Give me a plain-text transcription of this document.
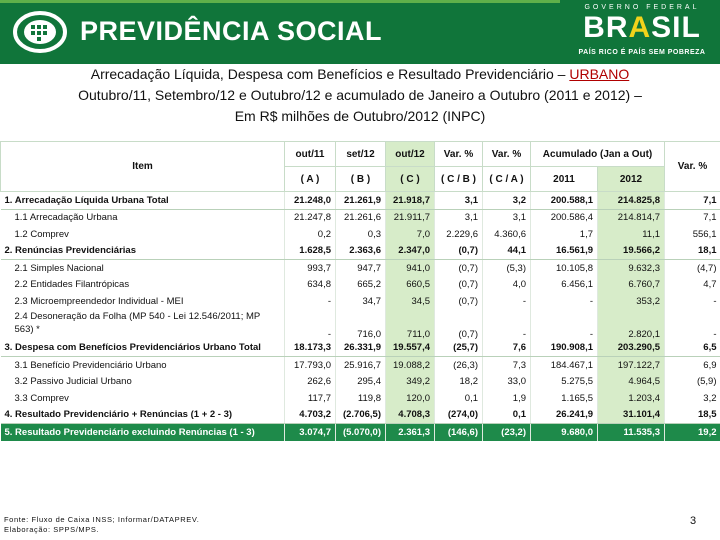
PREVIDÊNCIA SOCIAL
GOVERNO FEDERAL
BRASIL
PAÍS RICO É PAÍS SEM POBREZA
Arrecadação Líquida, Despesa com Benefícios e Resultado Previdenciário – URBANO
Outubro/11, Setembro/12 e Outubro/12 e acumulado de Janeiro a Outubro (2011 e 2012) –
Em R$ milhões de Outubro/2012 (INPC)
Item	out/11	set/12	out/12	Var. %	Var. %	Acumulado (Jan a Out)		Var. %
	( A )	( B )	( C )	( C / B )	( C / A )	2011	2012	
1. Arrecadação Líquida Urbana Total	21.248,0	21.261,9	21.918,7	3,1	3,2	200.588,1	214.825,8	7,1
1.1 Arrecadação Urbana	21.247,8	21.261,6	21.911,7	3,1	3,1	200.586,4	214.814,7	7,1
1.2 Comprev	0,2	0,3	7,0	2.229,6	4.360,6	1,7	11,1	556,1
2. Renúncias Previdenciárias	1.628,5	2.363,6	2.347,0	(0,7)	44,1	16.561,9	19.566,2	18,1
2.1 Simples Nacional	993,7	947,7	941,0	(0,7)	(5,3)	10.105,8	9.632,3	(4,7)
2.2 Entidades Filantrópicas	634,8	665,2	660,5	(0,7)	4,0	6.456,1	6.760,7	4,7
2.3 Microempreendedor Individual - MEI	-	34,7	34,5	(0,7)	-	-	353,2	-
2.4 Desoneração da Folha (MP 540 - Lei 12.546/2011; MP 563) *	-	716,0	711,0	(0,7)	-	-	2.820,1	-
3. Despesa com Benefícios Previdenciários Urbano Total	18.173,3	26.331,9	19.557,4	(25,7)	7,6	190.908,1	203.290,5	6,5
3.1 Benefício Previdenciário Urbano	17.793,0	25.916,7	19.088,2	(26,3)	7,3	184.467,1	197.122,7	6,9
3.2 Passivo Judicial Urbano	262,6	295,4	349,2	18,2	33,0	5.275,5	4.964,5	(5,9)
3.3 Comprev	117,7	119,8	120,0	0,1	1,9	1.165,5	1.203,4	3,2
4. Resultado Previdenciário + Renúncias (1 + 2 - 3)	4.703,2	(2.706,5)	4.708,3	(274,0)	0,1	26.241,9	31.101,4	18,5
5. Resultado Previdenciário excluindo Renúncias (1 - 3)	3.074,7	(5.070,0)	2.361,3	(146,6)	(23,2)	9.680,0	11.535,3	19,2
Fonte: Fluxo de Caixa INSS; Informar/DATAPREV.
Elaboração: SPPS/MPS.
3
